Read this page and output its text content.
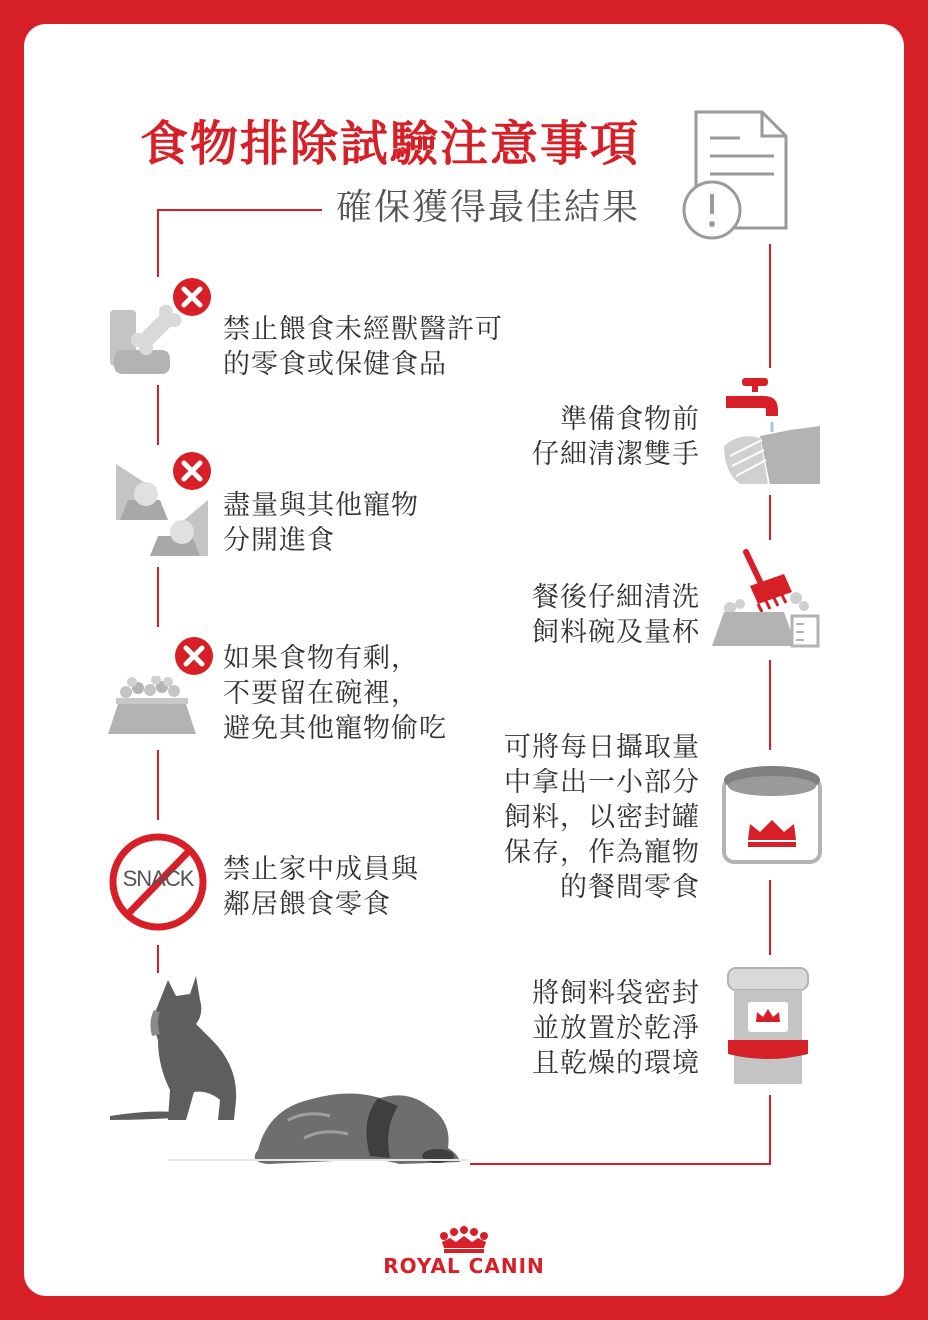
食物排除試驗注意事項
確保獲得最佳結果
禁止餵食未經獸醫許可
的零食或保健食品
盡量與其他寵物
分開進食
如果食物有剩，
不要留在碗裡，
避免其他寵物偷吃
SNACK	禁止家中成員與
鄰居餵食零食
準備食物前
仔細清潔雙手
餐後仔細清洗
飼料碗及量杯
可將每日攝取量
中拿出一小部分
飼料，以密封罐
保存，作為寵物
的餐間零食
將飼料袋密封
並放置於乾淨
且乾燥的環境
ROYAL CANIN
